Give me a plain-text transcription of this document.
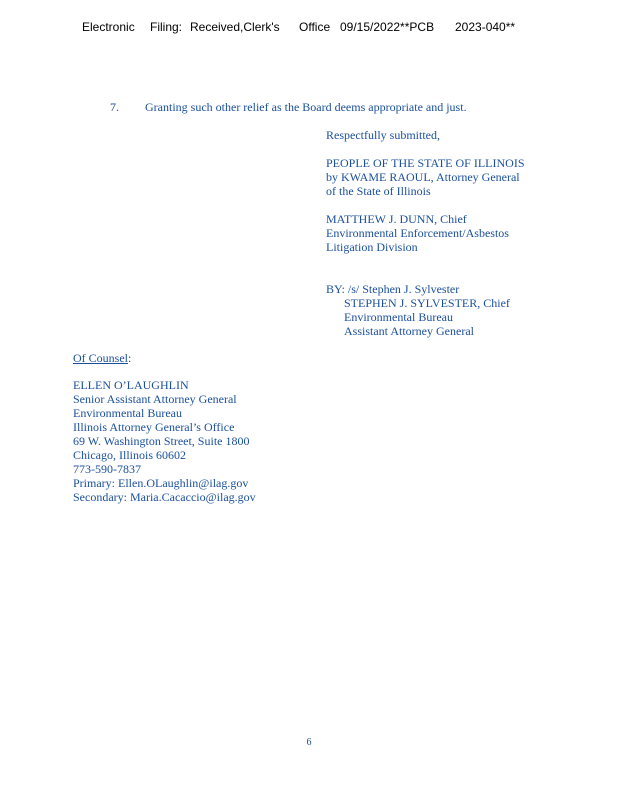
Electronic Filing: Received,Clerk's Office 09/15/2022**PCB 2023-040**
7. Granting such other relief as the Board deems appropriate and just.
Respectfully submitted,
PEOPLE OF THE STATE OF ILLINOIS
by KWAME RAOUL, Attorney General
of the State of Illinois
MATTHEW J. DUNN, Chief
Environmental Enforcement/Asbestos
Litigation Division
BY: /s/ Stephen J. Sylvester
STEPHEN J. SYLVESTER, Chief
Environmental Bureau
Assistant Attorney General
Of Counsel:
ELLEN O’LAUGHLIN
Senior Assistant Attorney General
Environmental Bureau
Illinois Attorney General’s Office
69 W. Washington Street, Suite 1800
Chicago, Illinois 60602
773-590-7837
Primary: Ellen.OLaughlin@ilag.gov
Secondary: Maria.Cacaccio@ilag.gov
6
